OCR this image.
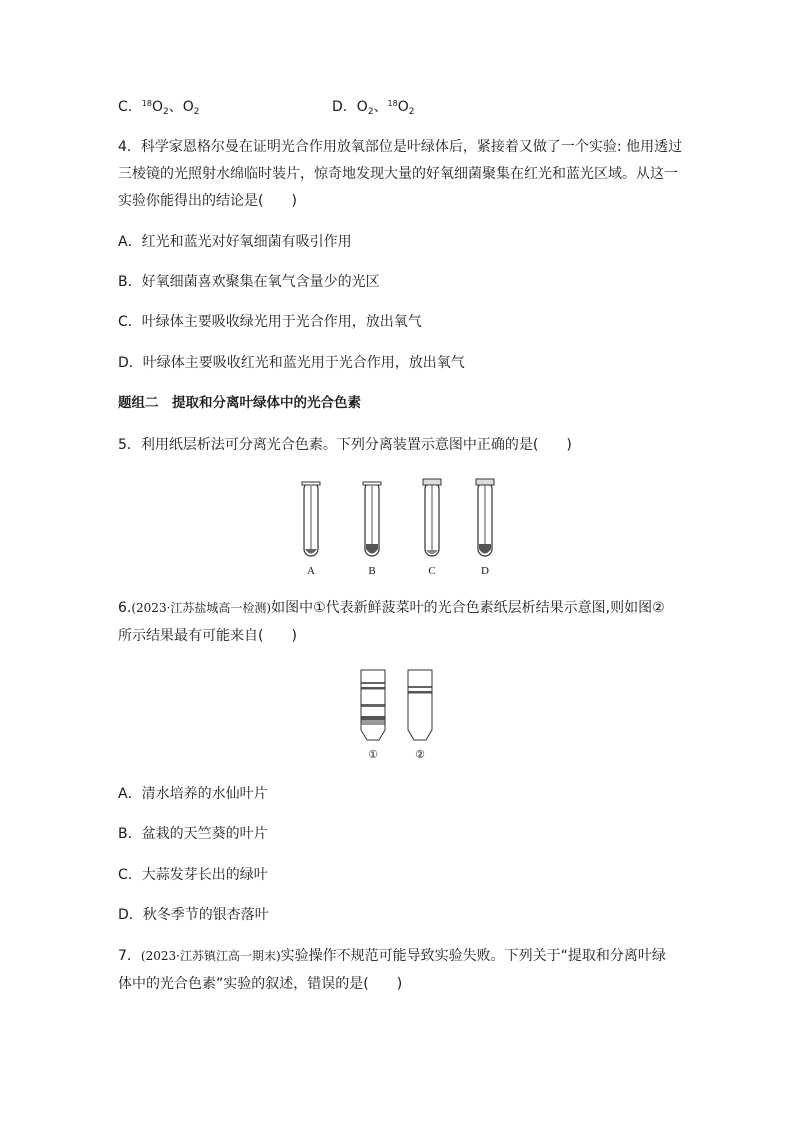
C．$^{18}O_2$、$O_2$	D．$O_2$、$^{18}O_2$
4．科学家恩格尔曼在证明光合作用放氧部位是叶绿体后，紧接着又做了一个实验: 他用透过
三棱镜的光照射水绵临时装片，惊奇地发现大量的好氧细菌聚集在红光和蓝光区域。从这一
实验你能得出的结论是(　　)
A．红光和蓝光对好氧细菌有吸引作用
B．好氧细菌喜欢聚集在氧气含量少的光区
C．叶绿体主要吸收绿光用于光合作用，放出氧气
D．叶绿体主要吸收红光和蓝光用于光合作用，放出氧气
题组二　提取和分离叶绿体中的光合色素
5．利用纸层析法可分离光合色素。下列分离装置示意图中正确的是(　　)
A	B	C	D
6.(2023·江苏盐城高一检测)如图中①代表新鲜菠菜叶的光合色素纸层析结果示意图,则如图②
所示结果最有可能来自(　　)
①	②
A．清水培养的水仙叶片
B．盆栽的天竺葵的叶片
C．大蒜发芽长出的绿叶
D．秋冬季节的银杏落叶
7．(2023·江苏镇江高一期末)实验操作不规范可能导致实验失败。下列关于“提取和分离叶绿
体中的光合色素”实验的叙述，错误的是(　　)
